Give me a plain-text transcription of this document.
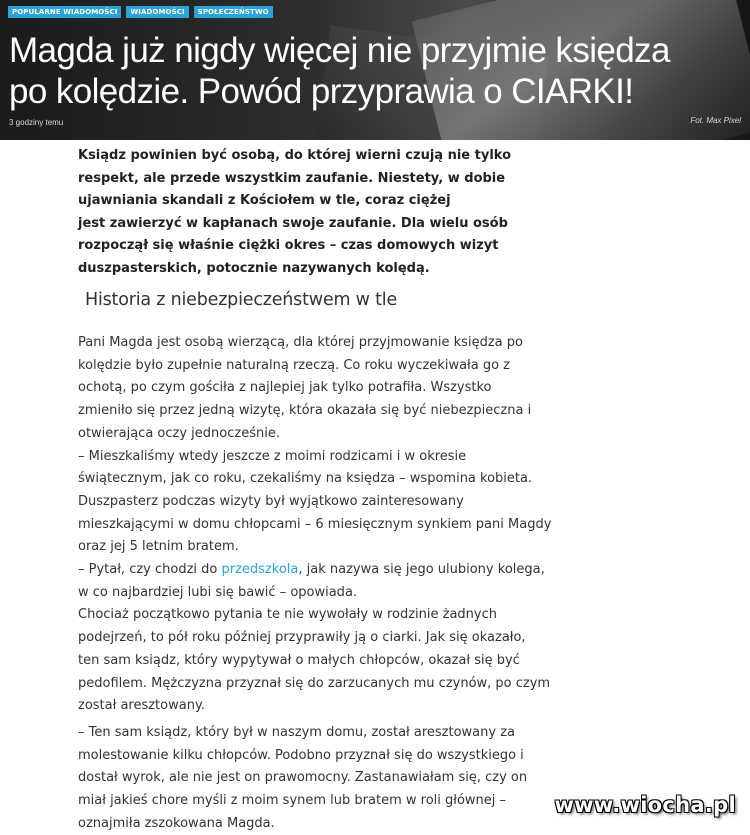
POPULARNE WIADOMOŚCI	WIADOMOŚCI	SPOŁECZEŃSTWO
Magda już nigdy więcej nie przyjmie księdza
po kolędzie. Powód przyprawia o CIARKI!
3 godziny temu	Fot. Max Pixel

Ksiądz powinien być osobą, do której wierni czują nie tylko
respekt, ale przede wszystkim zaufanie. Niestety, w dobie
ujawniania skandali z Kościołem w tle, coraz ciężej
jest zawierzyć w kapłanach swoje zaufanie. Dla wielu osób
rozpoczął się właśnie ciężki okres – czas domowych wizyt
duszpasterskich, potocznie nazywanych kolędą.

Historia z niebezpieczeństwem w tle
Pani Magda jest osobą wierzącą, dla której przyjmowanie księdza po
kolędzie było zupełnie naturalną rzeczą. Co roku wyczekiwała go z
ochotą, po czym gościła z najlepiej jak tylko potrafiła. Wszystko
zmieniło się przez jedną wizytę, która okazała się być niebezpieczna i
otwierająca oczy jednocześnie.
– Mieszkaliśmy wtedy jeszcze z moimi rodzicami i w okresie
świątecznym, jak co roku, czekaliśmy na księdza – wspomina kobieta.
Duszpasterz podczas wizyty był wyjątkowo zainteresowany
mieszkającymi w domu chłopcami – 6 miesięcznym synkiem pani Magdy
oraz jej 5 letnim bratem.
– Pytał, czy chodzi do przedszkola, jak nazywa się jego ulubiony kolega,
w co najbardziej lubi się bawić – opowiada.
Chociaż początkowo pytania te nie wywołały w rodzinie żadnych
podejrzeń, to pół roku później przyprawiły ją o ciarki. Jak się okazało,
ten sam ksiądz, który wypytywał o małych chłopców, okazał się być
pedofilem. Mężczyzna przyznał się do zarzucanych mu czynów, po czym
został aresztowany.
– Ten sam ksiądz, który był w naszym domu, został aresztowany za
molestowanie kilku chłopców. Podobno przyznał się do wszystkiego i
dostał wyrok, ale nie jest on prawomocny. Zastanawiałam się, czy on
miał jakieś chore myśli z moim synem lub bratem w roli głównej –
oznajmiła zszokowana Magda.
www.wiocha.pl
